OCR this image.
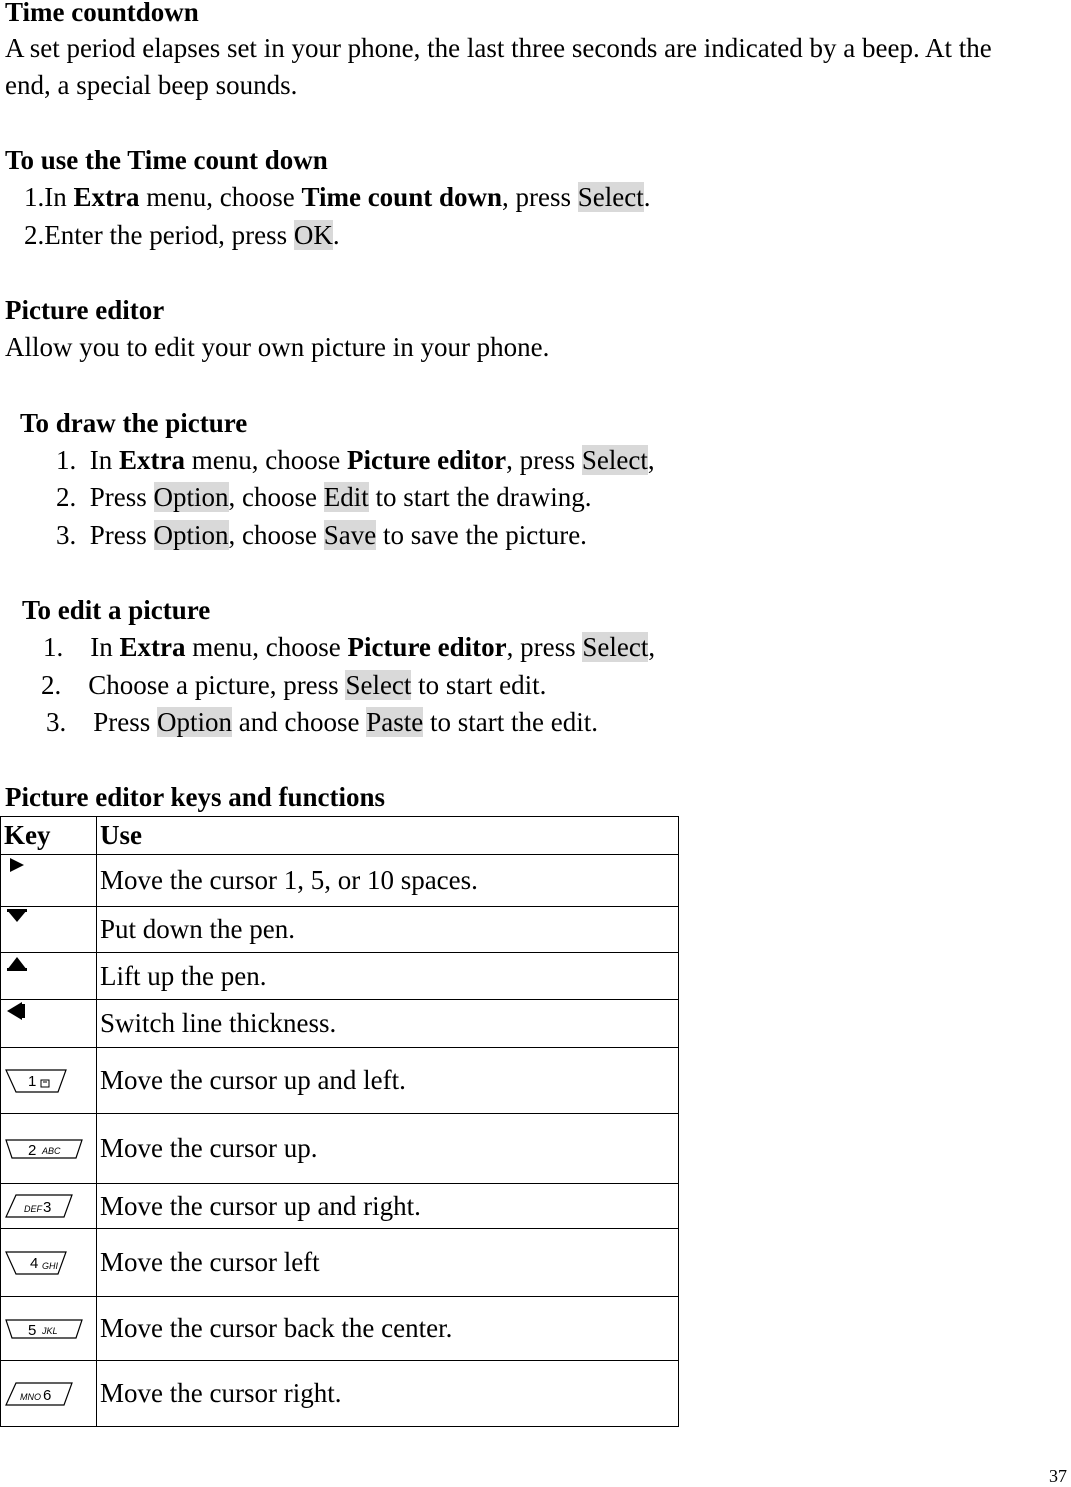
Time countdown
A set period elapses set in your phone, the last three seconds are indicated by a beep. At the
end, a special beep sounds.
To use the Time count down
1.In Extra menu, choose Time count down, press Select.
2.Enter the period, press OK.
Picture editor
Allow you to edit your own picture in your phone.
To draw the picture
1. In Extra menu, choose Picture editor, press Select,
2. Press Option, choose Edit to start the drawing.
3. Press Option, choose Save to save the picture.
To edit a picture
1. In Extra menu, choose Picture editor, press Select,
2. Choose a picture, press Select to start edit.
3. Press Option and choose Paste to start the edit.
Picture editor keys and functions
Key	Use

	Move the cursor 1, 5, or 10 spaces.

	Put down the pen.

	Lift up the pen.

	Switch line thickness.

1	Move the cursor up and left.

2 ABC	Move the cursor up.

DEF 3	Move the cursor up and right.

4 GHI	Move the cursor left

5 JKL	Move the cursor back the center.

MNO 6	Move the cursor right.
37
